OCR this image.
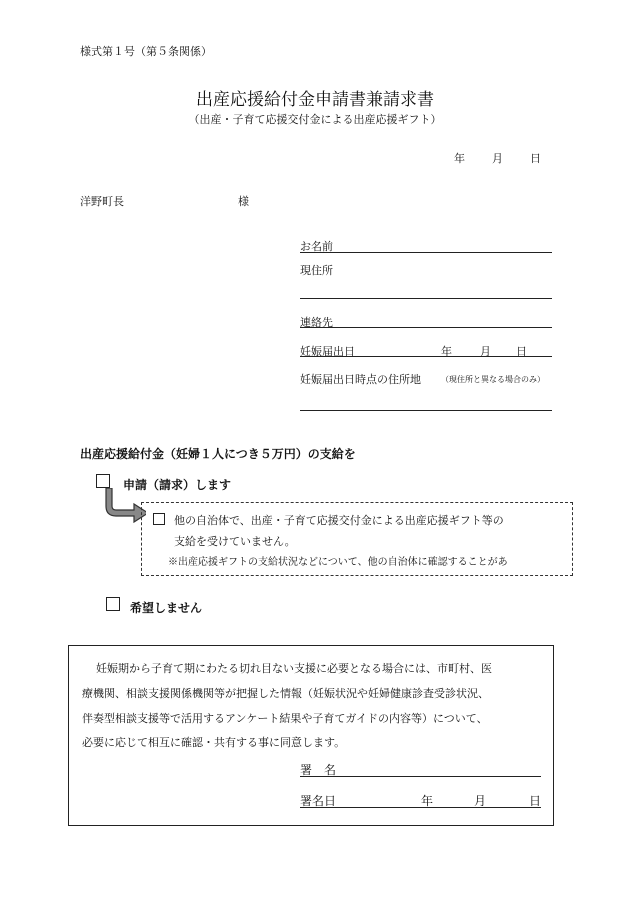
様式第１号（第５条関係）
出産応援給付金申請書兼請求書
（出産・子育て応援交付金による出産応援ギフト）
年 月 日
洋野町長	様
お名前
現住所
連絡先
妊娠届出日	年	月 日
妊娠届出日時点の住所地	（現住所と異なる場合のみ）
出産応援給付金（妊婦１人につき５万円）の支給を
申請（請求）します
他の自治体で、出産・子育て応援交付金による出産応援ギフト等の
支給を受けていません。
※出産応援ギフトの支給状況などについて、他の自治体に確認することがあ
希望しません
妊娠期から子育て期にわたる切れ目ない支援に必要となる場合には、市町村、医
療機関、相談支援関係機関等が把握した情報（妊娠状況や妊婦健康診査受診状況、
伴奏型相談支援等で活用するアンケート結果や子育てガイドの内容等）について、
必要に応じて相互に確認・共有する事に同意します。
署　名
署名日	年	月	日
